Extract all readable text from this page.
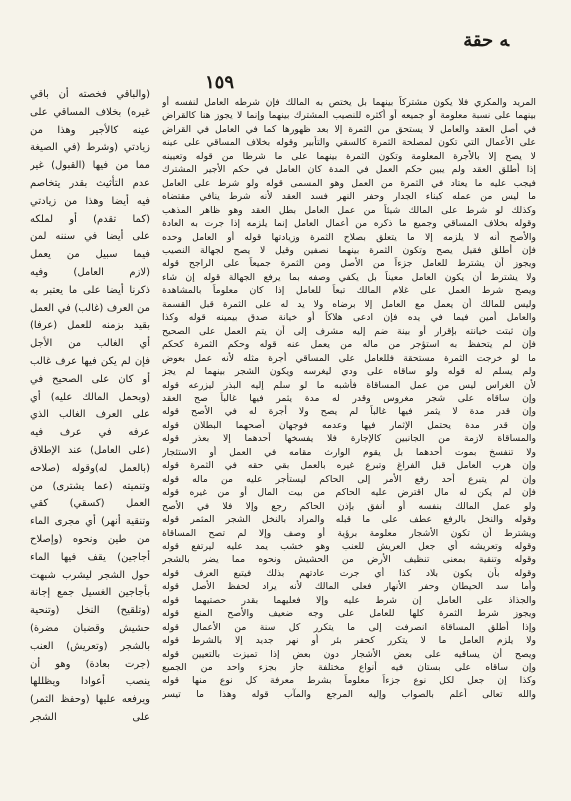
ﻪ ﺣﻘﺔ
١٥٩
المريد والمكري فلا يكون مشتركاً بينهما بل يختص به المالك فإن شرطه العامل لنفسه أو
بينهما على نسبة معلومة أو جميعه أو أكثره للنصيب المشترك بينهما وإنما لا يجوز هنا كالقراض
في أصل العقد والعامل لا يستحق من الثمرة إلا بعد ظهورها كما في العامل في القراض
على الأعمال التي تكون لمصلحة الثمرة كالسقي والتأبير وقوله بخلاف المساقي على عينه
لا يصح إلا بالأجرة المعلومة وتكون الثمرة بينهما على ما شرطا من قوله وتعيينه
إذا أطلق العقد ولم يبين حكم العمل في المدة كان العامل في حكم الأجير المشترك
فيجب عليه ما يعتاد في الثمرة من العمل وهو المسمى قوله ولو شرط على العامل
ما ليس من عمله كبناء الجدار وحفر النهر فسد العقد لأنه شرط ينافي مقتضاه
وكذلك لو شرط على المالك شيئاً من عمل العامل بطل العقد وهو ظاهر المذهب
وقوله بخلاف المساقي وجميع ما ذكره من أعمال العامل إنما يلزمه إذا جرت به العادة
والأصح أنه لا يلزمه إلا ما يتعلق بصلاح الثمرة وزيادتها قوله أو العامل وحده
فإن أطلق فقيل يصح وتكون الثمرة بينهما نصفين وقيل لا يصح لجهالة النصيب
ويجوز أن يشترط للعامل جزءاً من الأصل ومن الثمرة جميعاً على الراجح قوله
ولا يشترط أن يكون العامل معيناً بل يكفي وصفه بما يرفع الجهالة قوله إن شاء
ويصح شرط العمل على غلام المالك تبعاً للعامل إذا كان معلوماً بالمشاهدة
وليس للمالك أن يعمل مع العامل إلا برضاه ولا يد له على الثمرة قبل القسمة
والعامل أمين فيما في يده فإن ادعى هلاكاً أو خيانة صدق بيمينه قوله وكذا
وإن ثبتت خيانته بإقرار أو بينة ضم إليه مشرف إلى أن يتم العمل على الصحيح
فإن لم يتحفظ به استؤجر من ماله من يعمل عنه قوله وحكم الثمرة كحكم
ما لو خرجت الثمرة مستحقة فللعامل على المساقي أجرة مثله لأنه عمل بعوض
ولم يسلم له قوله ولو ساقاه على ودي ليغرسه ويكون الشجر بينهما لم يجز
لأن الغراس ليس من عمل المساقاة فأشبه ما لو سلم إليه البذر ليزرعه قوله
وإن ساقاه على شجر مغروس وقدر له مدة يثمر فيها غالباً صح العقد
وإن قدر مدة لا يثمر فيها غالباً لم يصح ولا أجرة له في الأصح قوله
وإن قدر مدة يحتمل الإثمار فيها وعدمه فوجهان أصحهما البطلان قوله
والمساقاة لازمة من الجانبين كالإجارة فلا يفسخها أحدهما إلا بعذر قوله
ولا تنفسخ بموت أحدهما بل يقوم الوارث مقامه في العمل أو الاستئجار
وإن هرب العامل قبل الفراغ وتبرع غيره بالعمل بقي حقه في الثمرة قوله
وإن لم يتبرع أحد رفع الأمر إلى الحاكم ليستأجر عليه من ماله قوله
فإن لم يكن له مال اقترض عليه الحاكم من بيت المال أو من غيره قوله
ولو عمل المالك بنفسه أو أنفق بإذن الحاكم رجع وإلا فلا في الأصح
وقوله والنخل بالرفع عطف على ما قبله والمراد بالنخل الشجر المثمر قوله
ويشترط أن تكون الأشجار معلومة برؤية أو وصف وإلا لم تصح المساقاة
وقوله وتعريشه أي جعل العريش للعنب وهو خشب يمد عليه ليرتفع قوله
وقوله وتنقية بمعنى تنظيف الأرض من الحشيش ونحوه مما يضر بالشجر
وقوله بأن يكون بلاد كذا أي جرت عادتهم بذلك فيتبع العرف قوله
وأما سد الحيطان وحفر الأنهار فعلى المالك لأنه يراد لحفظ الأصل قوله
والجذاذ على العامل إن شرط عليه وإلا فعليهما بقدر حصتيهما قوله
ويجوز شرط الثمرة كلها للعامل على وجه ضعيف والأصح المنع قوله
وإذا أطلق المساقاة انصرفت إلى ما يتكرر كل سنة من الأعمال قوله
ولا يلزم العامل ما لا يتكرر كحفر بئر أو نهر جديد إلا بالشرط قوله
ويصح أن يساقيه على بعض الأشجار دون بعض إذا تميزت بالتعيين قوله
وإن ساقاه على بستان فيه أنواع مختلفة جاز بجزء واحد من الجميع
وكذا إن جعل لكل نوع جزءاً معلوماً بشرط معرفة كل نوع منها قوله
والله تعالى أعلم بالصواب وإليه المرجع والمآب قوله وهذا ما تيسر
(والباقي فخصته أن باقي
غيره) بخلاف المساقي على
عينه كالأجير وهذا من
زيادتي (وشرط (في الصيغة
مما من فيها (القبول) غير
عدم التأثيث بقدر يتخاصم
فيه أيضا وهذا من زيادتي
(كما تقدم) أو لملكه
على أيضا في سننه لمن
فيما سبيل من يعمل
(لازم العامل) وفيه
ذكرنا أيضا على ما يعتبر به
من العرف (غالب) في العمل
بقيد بزمنه للعمل (عرفا)
أي الغالب من الأجل
فإن لم يكن فيها عرف غالب
أو كان على الصحيح في
(وبحمل المالك عليه) أي
على العرف الغالب الذي
عرفه في عرف فيه
(على العامل) عند الإطلاق
(بالعمل له)وقوله (صلاحه
وتنميته (عما يشترى) من
العمل (كسقي) كقي
وتنقية أنهر) أي مجرى الماء
من طين ونحوه (وإصلاح
أجاجين) يقف فيها الماء
حول الشجر ليشرب شبهت
بأجاجين الغسيل جمع إجانة
(وتلقيح) النخل (وتنحية
حشيش وقضبان مضرة)
بالشجر (وتعريش) العنب
(جرت بعادة) وهو أن
ينصب أعوادا ويظللها
ويرفعه عليها (وحفظ الثمر)
على الشجر
